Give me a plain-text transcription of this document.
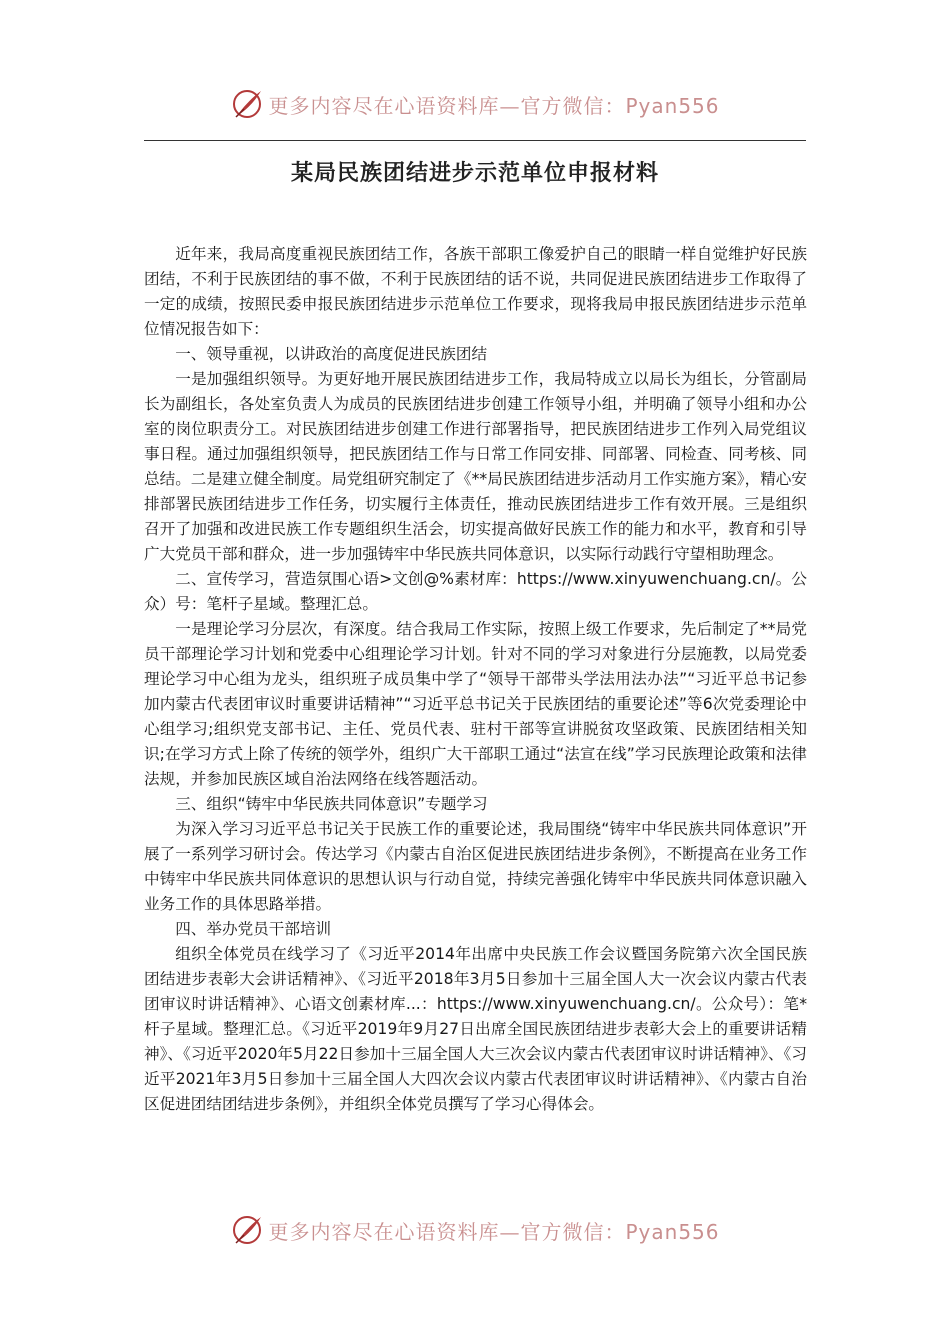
更多内容尽在心语资料库—官方微信：Pyan556
某局民族团结进步示范单位申报材料

近年来，我局高度重视民族团结工作，各族干部职工像爱护自己的眼睛一样自觉维护好民族团结，不利于民族团结的事不做，不利于民族团结的话不说，共同促进民族团结进步工作取得了一定的成绩，按照民委申报民族团结进步示范单位工作要求，现将我局申报民族团结进步示范单位情况报告如下：

一、领导重视，以讲政治的高度促进民族团结

一是加强组织领导。为更好地开展民族团结进步工作，我局特成立以局长为组长，分管副局长为副组长，各处室负责人为成员的民族团结进步创建工作领导小组，并明确了领导小组和办公室的岗位职责分工。对民族团结进步创建工作进行部署指导，把民族团结进步工作列入局党组议事日程。通过加强组织领导，把民族团结工作与日常工作同安排、同部署、同检查、同考核、同总结。二是建立健全制度。局党组研究制定了《**局民族团结进步活动月工作实施方案》，精心安排部署民族团结进步工作任务，切实履行主体责任，推动民族团结进步工作有效开展。三是组织召开了加强和改进民族工作专题组织生活会，切实提高做好民族工作的能力和水平，教育和引导广大党员干部和群众，进一步加强铸牢中华民族共同体意识，以实际行动践行守望相助理念。

二、宣传学习，营造氛围心语>文创@%素材库：https://www.xinyuwenchuang.cn/。公众）号：笔杆子星域。整理汇总。

一是理论学习分层次，有深度。结合我局工作实际，按照上级工作要求，先后制定了**局党员干部理论学习计划和党委中心组理论学习计划。针对不同的学习对象进行分层施教，以局党委理论学习中心组为龙头，组织班子成员集中学了“领导干部带头学法用法办法”“习近平总书记参加内蒙古代表团审议时重要讲话精神”“习近平总书记关于民族团结的重要论述”等6次党委理论中心组学习;组织党支部书记、主任、党员代表、驻村干部等宣讲脱贫攻坚政策、民族团结相关知识;在学习方式上除了传统的领学外，组织广大干部职工通过“法宣在线”学习民族理论政策和法律法规，并参加民族区域自治法网络在线答题活动。

三、组织“铸牢中华民族共同体意识”专题学习

为深入学习习近平总书记关于民族工作的重要论述，我局围绕“铸牢中华民族共同体意识”开展了一系列学习研讨会。传达学习《内蒙古自治区促进民族团结进步条例》，不断提高在业务工作中铸牢中华民族共同体意识的思想认识与行动自觉，持续完善强化铸牢中华民族共同体意识融入业务工作的具体思路举措。

四、举办党员干部培训

组织全体党员在线学习了《习近平2014年出席中央民族工作会议暨国务院第六次全国民族团结进步表彰大会讲话精神》、《习近平2018年3月5日参加十三届全国人大一次会议内蒙古代表团审议时讲话精神》、心语文创素材库...：https://www.xinyuwenchuang.cn/。公众号）：笔*杆子星域。整理汇总。《习近平2019年9月27日出席全国民族团结进步表彰大会上的重要讲话精神》、《习近平2020年5月22日参加十三届全国人大三次会议内蒙古代表团审议时讲话精神》、《习近平2021年3月5日参加十三届全国人大四次会议内蒙古代表团审议时讲话精神》、《内蒙古自治区促进团结团结进步条例》，并组织全体党员撰写了学习心得体会。

更多内容尽在心语资料库—官方微信：Pyan556
